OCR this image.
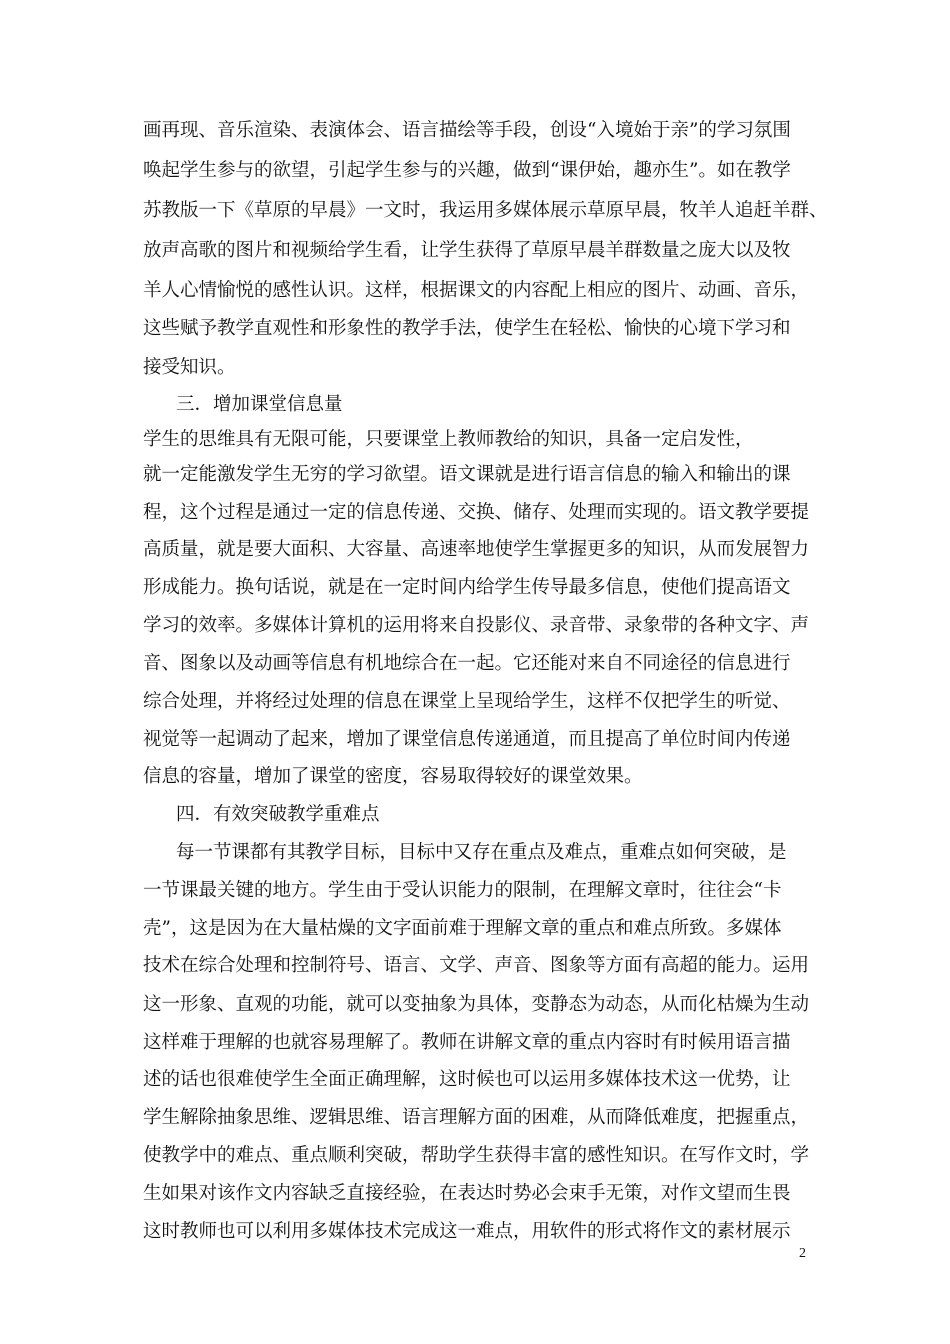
画再现、音乐渲染、表演体会、语言描绘等手段，创设“入境始于亲”的学习氛围
唤起学生参与的欲望，引起学生参与的兴趣，做到“课伊始，趣亦生”。如在教学
苏教版一下《草原的早晨》一文时，我运用多媒体展示草原早晨，牧羊人追赶羊群、
放声高歌的图片和视频给学生看，让学生获得了草原早晨羊群数量之庞大以及牧
羊人心情愉悦的感性认识。这样，根据课文的内容配上相应的图片、动画、音乐，
这些赋予教学直观性和形象性的教学手法，使学生在轻松、愉快的心境下学习和
接受知识。
三．增加课堂信息量
学生的思维具有无限可能，只要课堂上教师教给的知识，具备一定启发性，
就一定能激发学生无穷的学习欲望。语文课就是进行语言信息的输入和输出的课
程，这个过程是通过一定的信息传递、交换、储存、处理而实现的。语文教学要提
高质量，就是要大面积、大容量、高速率地使学生掌握更多的知识，从而发展智力
形成能力。换句话说，就是在一定时间内给学生传导最多信息，使他们提高语文
学习的效率。多媒体计算机的运用将来自投影仪、录音带、录象带的各种文字、声
音、图象以及动画等信息有机地综合在一起。它还能对来自不同途径的信息进行
综合处理，并将经过处理的信息在课堂上呈现给学生，这样不仅把学生的听觉、
视觉等一起调动了起来，增加了课堂信息传递通道，而且提高了单位时间内传递
信息的容量，增加了课堂的密度，容易取得较好的课堂效果。
四．有效突破教学重难点
每一节课都有其教学目标，目标中又存在重点及难点，重难点如何突破，是
一节课最关键的地方。学生由于受认识能力的限制，在理解文章时，往往会“卡
壳”，这是因为在大量枯燥的文字面前难于理解文章的重点和难点所致。多媒体
技术在综合处理和控制符号、语言、文学、声音、图象等方面有高超的能力。运用
这一形象、直观的功能，就可以变抽象为具体，变静态为动态，从而化枯燥为生动
这样难于理解的也就容易理解了。教师在讲解文章的重点内容时有时候用语言描
述的话也很难使学生全面正确理解，这时候也可以运用多媒体技术这一优势，让
学生解除抽象思维、逻辑思维、语言理解方面的困难，从而降低难度，把握重点，
使教学中的难点、重点顺利突破，帮助学生获得丰富的感性知识。在写作文时，学
生如果对该作文内容缺乏直接经验，在表达时势必会束手无策，对作文望而生畏
这时教师也可以利用多媒体技术完成这一难点，用软件的形式将作文的素材展示
2
